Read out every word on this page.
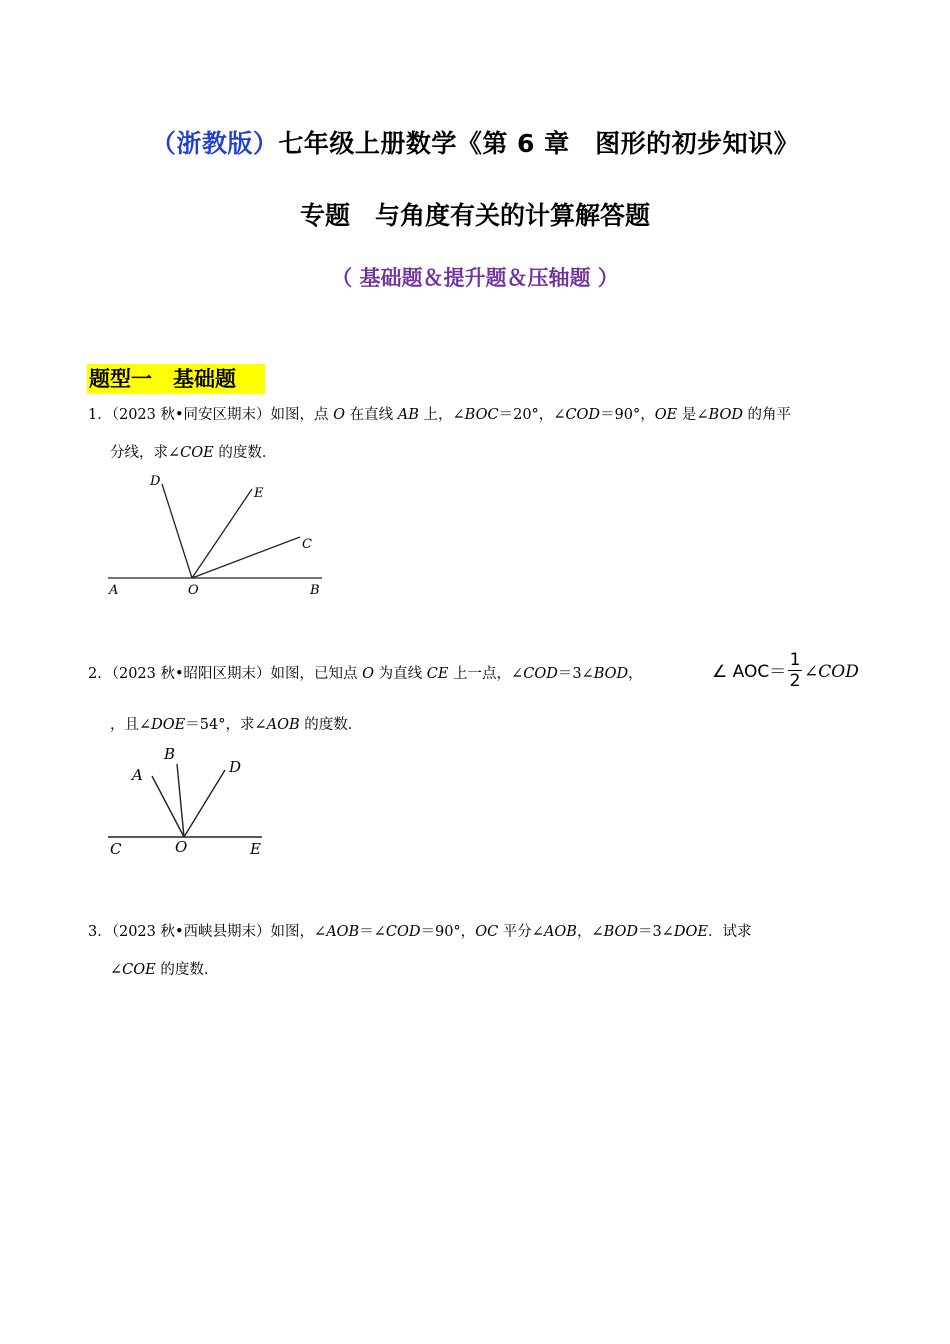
（浙教版）七年级上册数学《第 6 章　图形的初步知识》
专题　与角度有关的计算解答题
（ 基础题＆提升题＆压轴题 ）
题型一　基础题
1．（2023 秋•同安区期末）如图，点 O 在直线 AB 上，∠BOC＝20°，∠COD＝90°，OE 是∠BOD 的角平
分线，求∠COE 的度数．
D
E
C
A	O	B
2．（2023 秋•昭阳区期末）如图，已知点 O 为直线 CE 上一点，∠COD＝3∠BOD，	∠ AOC＝
1
2 ∠COD
，且∠DOE＝54°，求∠AOB 的度数．
A
B
D
C	O	E
3．（2023 秋•西峡县期末）如图，∠AOB＝∠COD＝90°，OC 平分∠AOB，∠BOD＝3∠DOE．试求
∠COE 的度数．
